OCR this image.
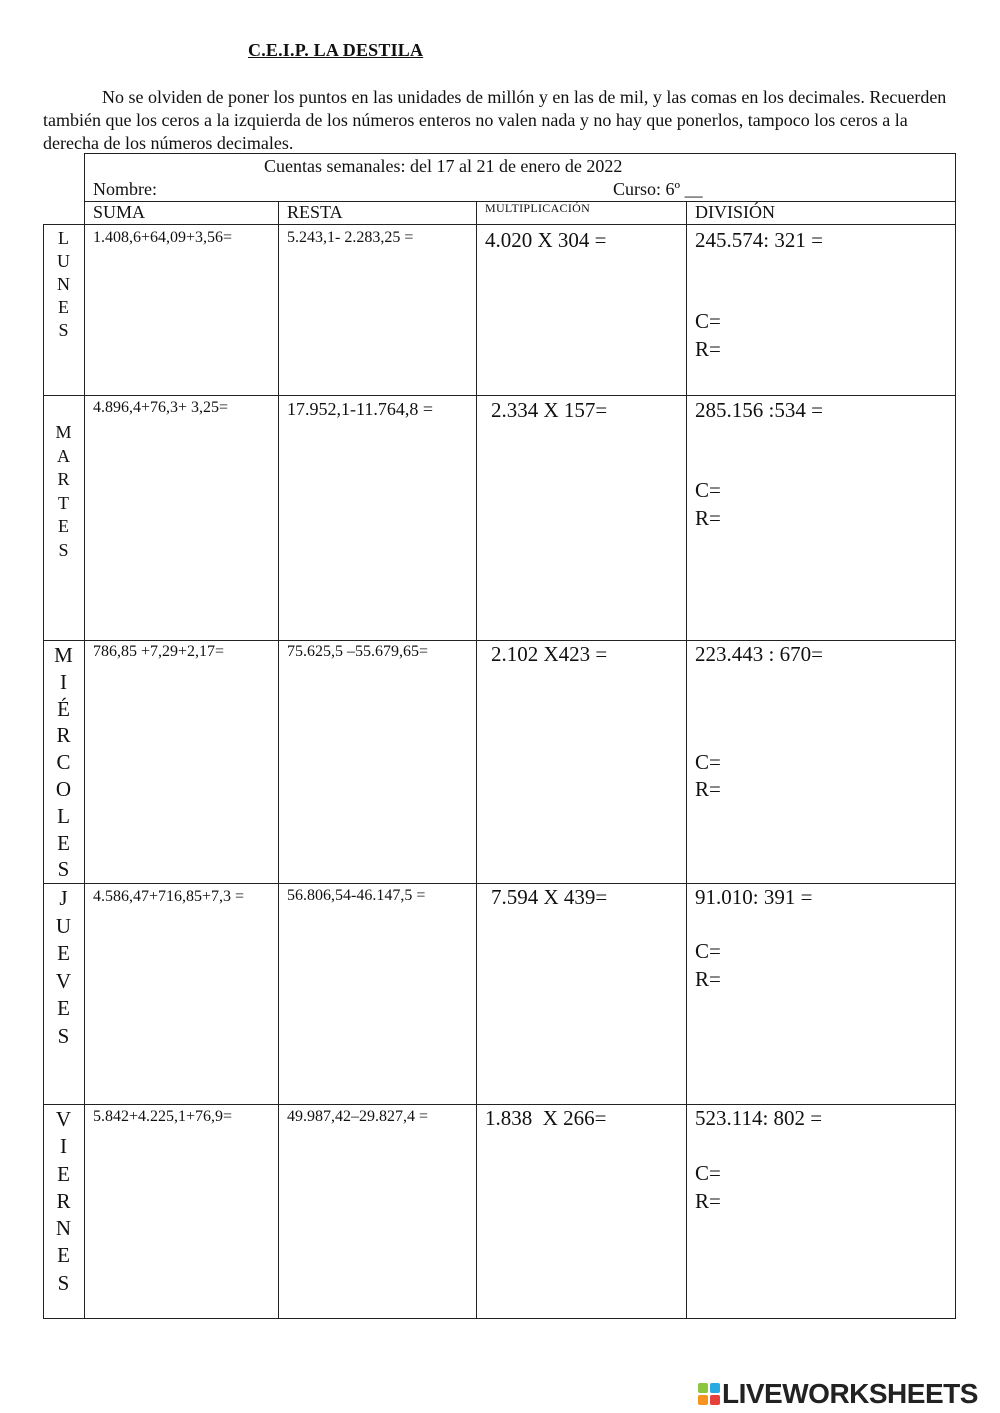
C.E.I.P. LA DESTILA
No se olviden de poner los puntos en las unidades de millón y en las de mil, y las comas en los decimales. Recuerden también que los ceros a la izquierda de los números enteros no valen nada y no hay que ponerlos, tampoco los ceros a la derecha de los números decimales.
Cuentas semanales: del 17 al 21 de enero de 2022
Nombre:	Curso: 6º __
SUMA	RESTA	MULTIPLICACIÓN	DIVISIÓN
L
U
N
E
S
1.408,6+64,09+3,56=	5.243,1- 2.283,25 =	4.020 X 304 =	245.574: 321 =
C=
R=
M
A
R
T
E
S
4.896,4+76,3+ 3,25=	17.952,1-11.764,8 =	2.334 X 157=	285.156 :534 =
C=
R=
M
I
É
R
C
O
L
E
S
786,85 +7,29+2,17=	75.625,5 –55.679,65=	2.102 X423 =	223.443 : 670=
C=
R=
J
U
E
V
E
S
4.586,47+716,85+7,3 =	56.806,54-46.147,5 =	7.594 X 439=	91.010: 391 =
C=
R=
V
I
E
R
N
E
S
5.842+4.225,1+76,9=	49.987,42–29.827,4 =	1.838  X 266=	523.114: 802 =
C=
R=
LIVEWORKSHEETS
